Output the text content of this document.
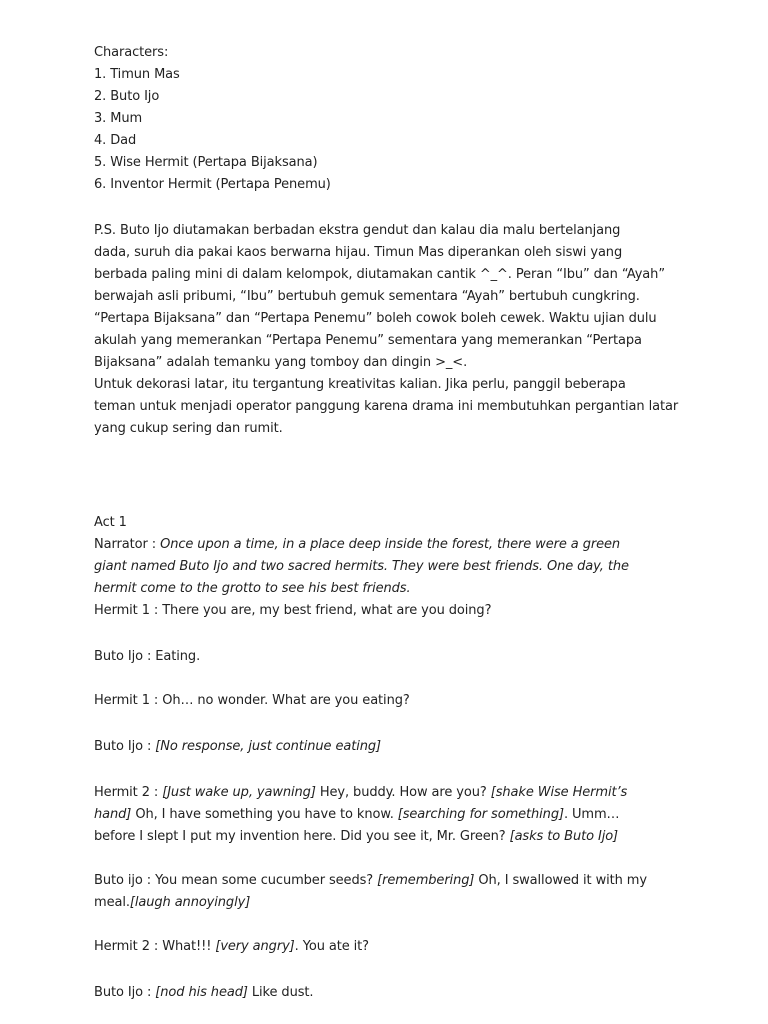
Characters:
1. Timun Mas
2. Buto Ijo
3. Mum
4. Dad
5. Wise Hermit (Pertapa Bijaksana)
6. Inventor Hermit (Pertapa Penemu)
P.S. Buto Ijo diutamakan berbadan ekstra gendut dan kalau dia malu bertelanjang
dada, suruh dia pakai kaos berwarna hijau. Timun Mas diperankan oleh siswi yang
berbada paling mini di dalam kelompok, diutamakan cantik ^_^. Peran “Ibu” dan “Ayah”
berwajah asli pribumi, “Ibu” bertubuh gemuk sementara “Ayah” bertubuh cungkring.
“Pertapa Bijaksana” dan “Pertapa Penemu” boleh cowok boleh cewek. Waktu ujian dulu
akulah yang memerankan “Pertapa Penemu” sementara yang memerankan “Pertapa
Bijaksana” adalah temanku yang tomboy dan dingin >_<.
Untuk dekorasi latar, itu tergantung kreativitas kalian. Jika perlu, panggil beberapa
teman untuk menjadi operator panggung karena drama ini membutuhkan pergantian latar
yang cukup sering dan rumit.
Act 1
Narrator : Once upon a time, in a place deep inside the forest, there were a green
giant named Buto Ijo and two sacred hermits. They were best friends. One day, the
hermit come to the grotto to see his best friends.
Hermit 1 : There you are, my best friend, what are you doing?
Buto Ijo : Eating.
Hermit 1 : Oh… no wonder. What are you eating?
Buto Ijo : [No response, just continue eating]
Hermit 2 : [Just wake up, yawning] Hey, buddy. How are you? [shake Wise Hermit’s
hand] Oh, I have something you have to know. [searching for something]. Umm…
before I slept I put my invention here. Did you see it, Mr. Green? [asks to Buto Ijo]
Buto ijo : You mean some cucumber seeds? [remembering] Oh, I swallowed it with my
meal.[laugh annoyingly]
Hermit 2 : What!!! [very angry]. You ate it?
Buto Ijo : [nod his head] Like dust.
